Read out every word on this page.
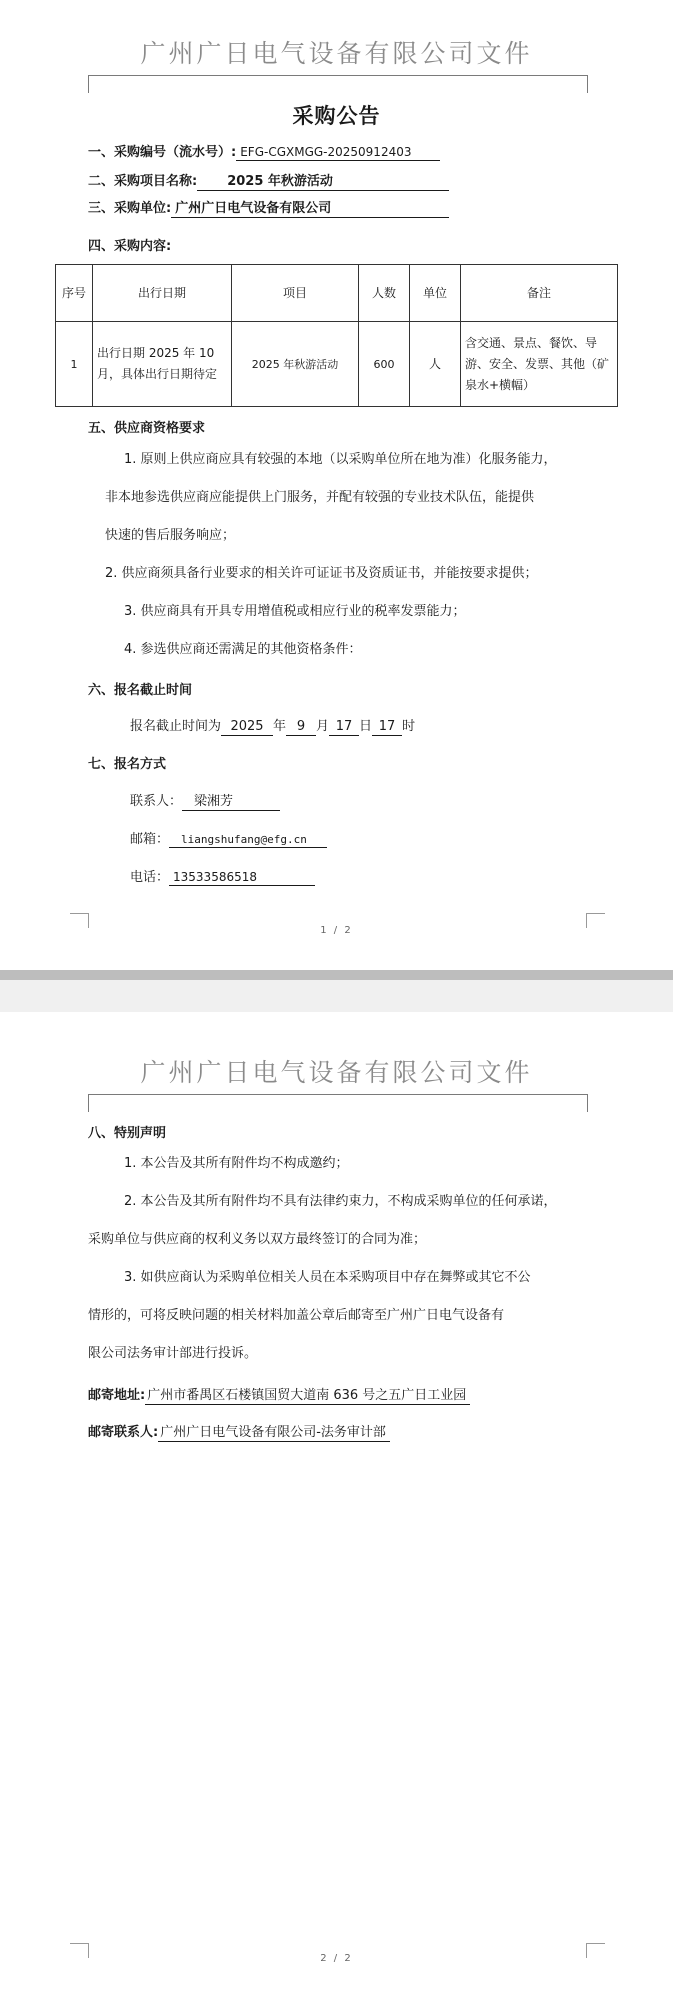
广州广日电气设备有限公司文件
采购公告
一、采购编号（流水号）: EFG-CGXMGG-20250912403
二、采购项目名称: 2025 年秋游活动
三、采购单位: 广州广日电气设备有限公司
四、采购内容:
序号	出行日期	项目	人数	单位	备注
1	出行日期 2025 年 10 月，具体出行日期待定	2025 年秋游活动	600	人	含交通、景点、餐饮、导游、安全、发票、其他（矿泉水+横幅）
五、供应商资格要求
1. 原则上供应商应具有较强的本地（以采购单位所在地为准）化服务能力，
非本地参选供应商应能提供上门服务，并配有较强的专业技术队伍，能提供
快速的售后服务响应；
2. 供应商须具备行业要求的相关许可证证书及资质证书，并能按要求提供；
3. 供应商具有开具专用增值税或相应行业的税率发票能力；
4. 参选供应商还需满足的其他资格条件：
六、报名截止时间
报名截止时间为 2025 年 9 月 17 日 17 时
七、报名方式
联系人： 梁湘芳
邮箱： liangshufang@efg.cn
电话： 13533586518
1 / 2
广州广日电气设备有限公司文件
八、特别声明
1. 本公告及其所有附件均不构成邀约；
2. 本公告及其所有附件均不具有法律约束力，不构成采购单位的任何承诺，
采购单位与供应商的权利义务以双方最终签订的合同为准；
3. 如供应商认为采购单位相关人员在本采购项目中存在舞弊或其它不公
情形的，可将反映问题的相关材料加盖公章后邮寄至广州广日电气设备有
限公司法务审计部进行投诉。
邮寄地址: 广州市番禺区石楼镇国贸大道南 636 号之五广日工业园
邮寄联系人: 广州广日电气设备有限公司-法务审计部
2 / 2
